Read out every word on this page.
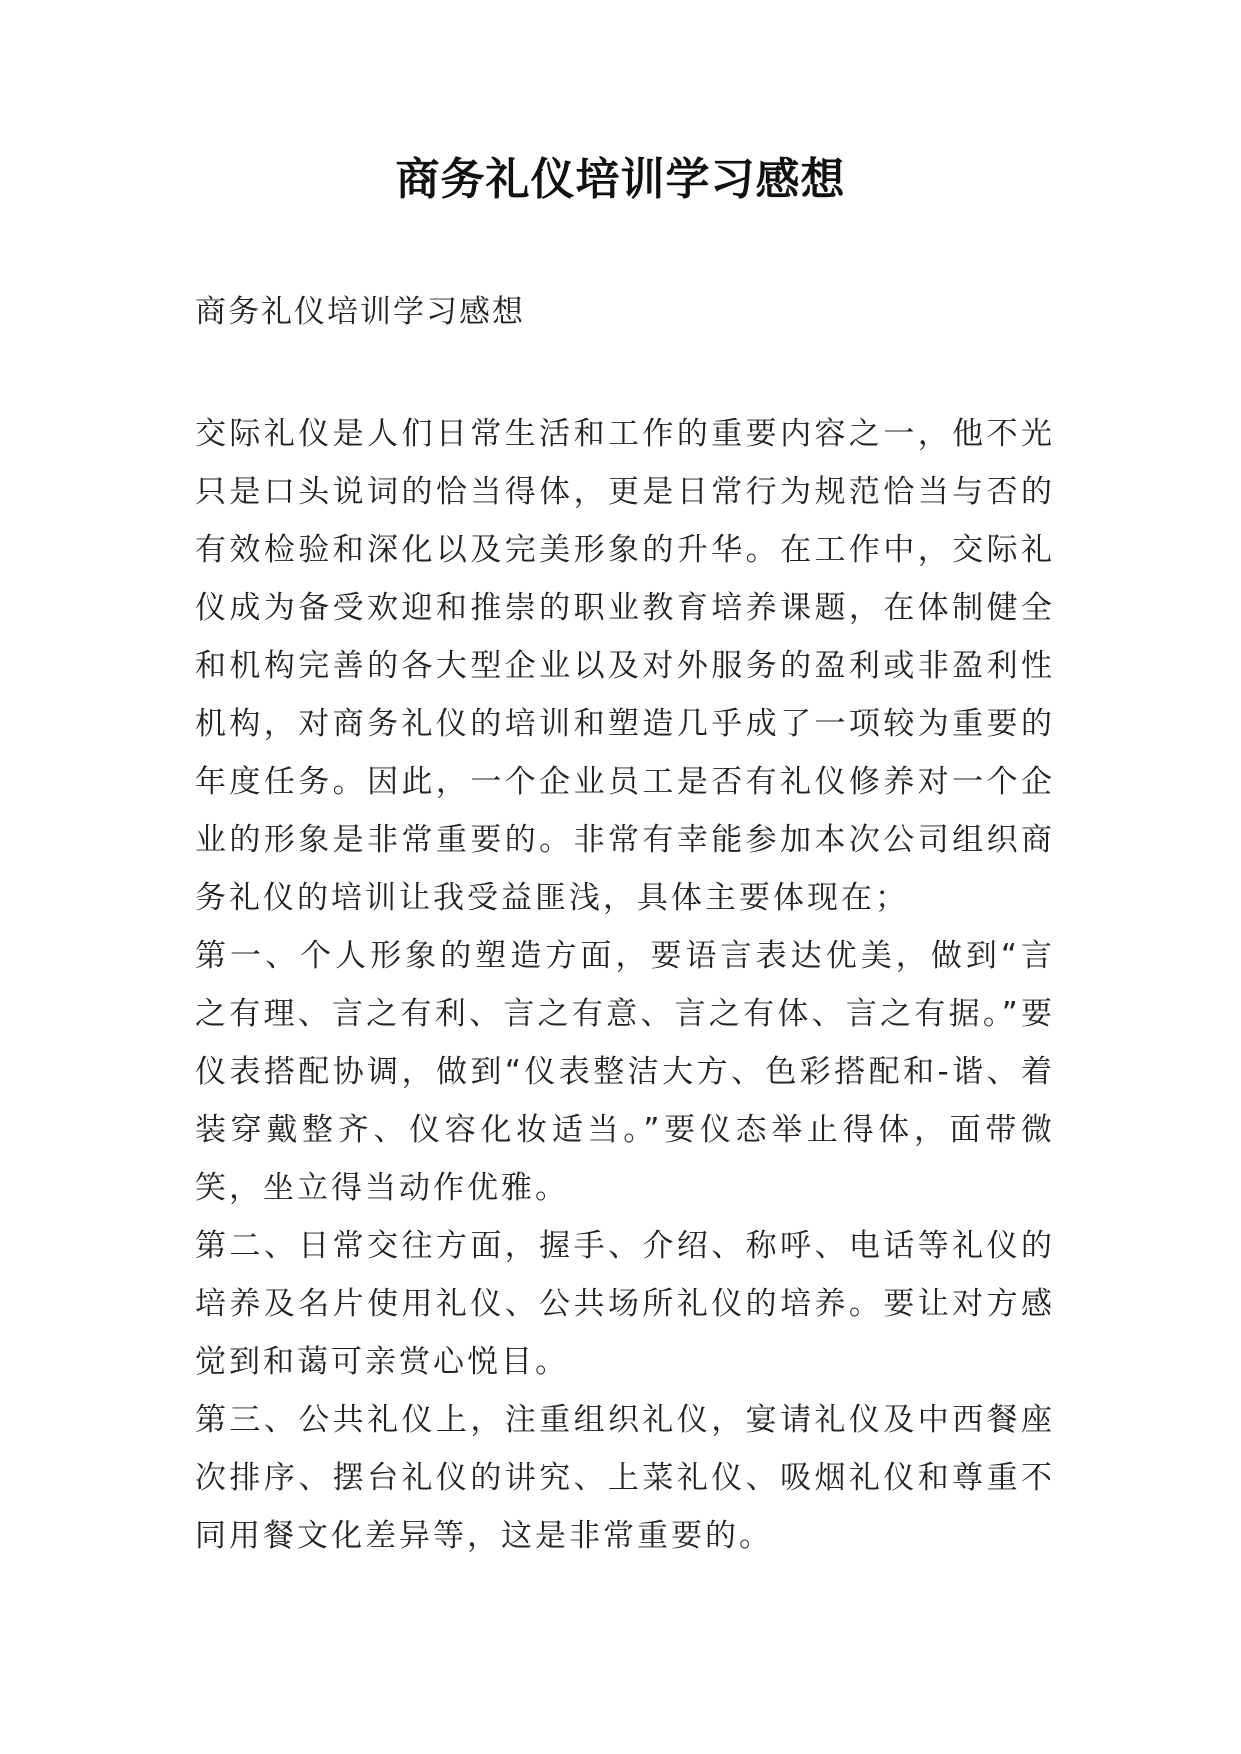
商务礼仪培训学习感想
商务礼仪培训学习感想

交际礼仪是人们日常生活和工作的重要内容之一，他不光只是口头说词的恰当得体，更是日常行为规范恰当与否的有效检验和深化以及完美形象的升华。在工作中，交际礼仪成为备受欢迎和推崇的职业教育培养课题，在体制健全和机构完善的各大型企业以及对外服务的盈利或非盈利性机构，对商务礼仪的培训和塑造几乎成了一项较为重要的年度任务。因此，一个企业员工是否有礼仪修养对一个企业的形象是非常重要的。非常有幸能参加本次公司组织商务礼仪的培训让我受益匪浅，具体主要体现在；

第一、个人形象的塑造方面，要语言表达优美，做到“言之有理、言之有利、言之有意、言之有体、言之有据。”要仪表搭配协调，做到“仪表整洁大方、色彩搭配和-谐、着装穿戴整齐、仪容化妆适当。”要仪态举止得体，面带微笑，坐立得当动作优雅。

第二、日常交往方面，握手、介绍、称呼、电话等礼仪的培养及名片使用礼仪、公共场所礼仪的培养。要让对方感觉到和蔼可亲赏心悦目。

第三、公共礼仪上，注重组织礼仪，宴请礼仪及中西餐座次排序、摆台礼仪的讲究、上菜礼仪、吸烟礼仪和尊重不同用餐文化差异等，这是非常重要的。
